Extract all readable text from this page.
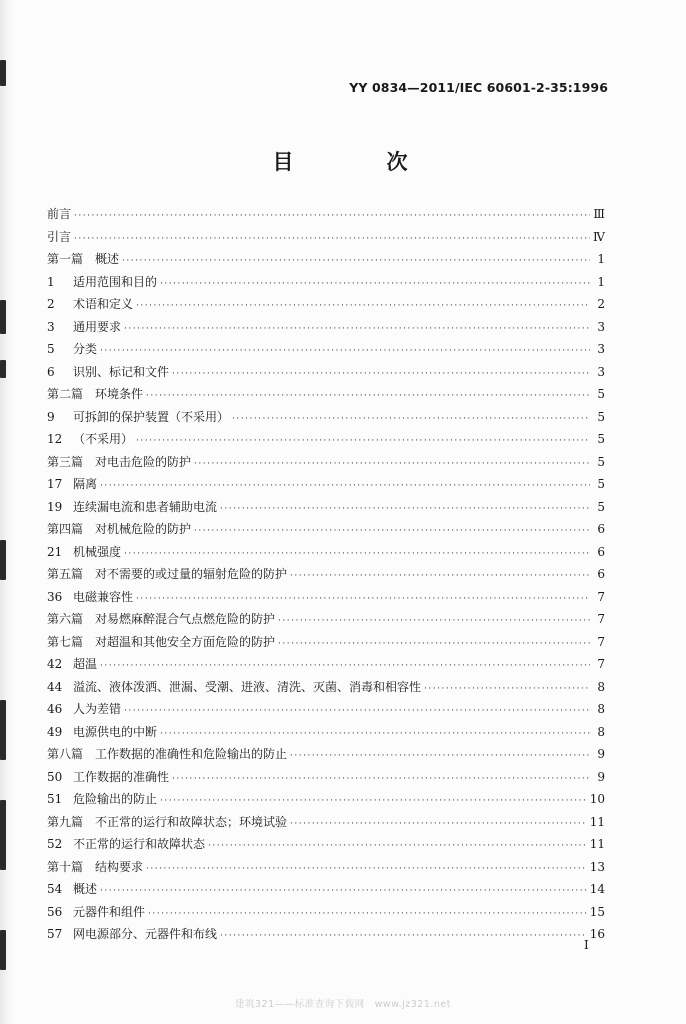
YY 0834—2011/IEC 60601-2-35:1996
目　次
前言 ·····	Ⅲ
引言 ·····	Ⅳ
第一篇　概述 ·····	1
1 适用范围和目的 ·····	1
2 术语和定义 ·····	2
3 通用要求 ·····	3
5 分类 ·····	3
6 识别、标记和文件 ·····	3
第二篇　环境条件 ·····	5
9 可拆卸的保护装置（不采用） ·····	5
12 （不采用） ·····	5
第三篇　对电击危险的防护 ·····	5
17 隔离 ·····	5
19 连续漏电流和患者辅助电流 ·····	5
第四篇　对机械危险的防护 ·····	6
21 机械强度 ·····	6
第五篇　对不需要的或过量的辐射危险的防护 ·····	6
36 电磁兼容性 ·····	7
第六篇　对易燃麻醉混合气点燃危险的防护 ·····	7
第七篇　对超温和其他安全方面危险的防护 ·····	7
42 超温 ·····	7
44 溢流、液体泼洒、泄漏、受潮、进液、清洗、灭菌、消毒和相容性 ·····	8
46 人为差错 ·····	8
49 电源供电的中断 ·····	8
第八篇　工作数据的准确性和危险输出的防止 ·····	9
50 工作数据的准确性 ·····	9
51 危险输出的防止 ·····	10
第九篇　不正常的运行和故障状态；环境试验 ·····	11
52 不正常的运行和故障状态 ·····	11
第十篇　结构要求 ·····	13
54 概述 ·····	14
56 元器件和组件 ·····	15
57 网电源部分、元器件和布线 ·····	16
I
建筑321——标准查询下载网　www.jz321.net
